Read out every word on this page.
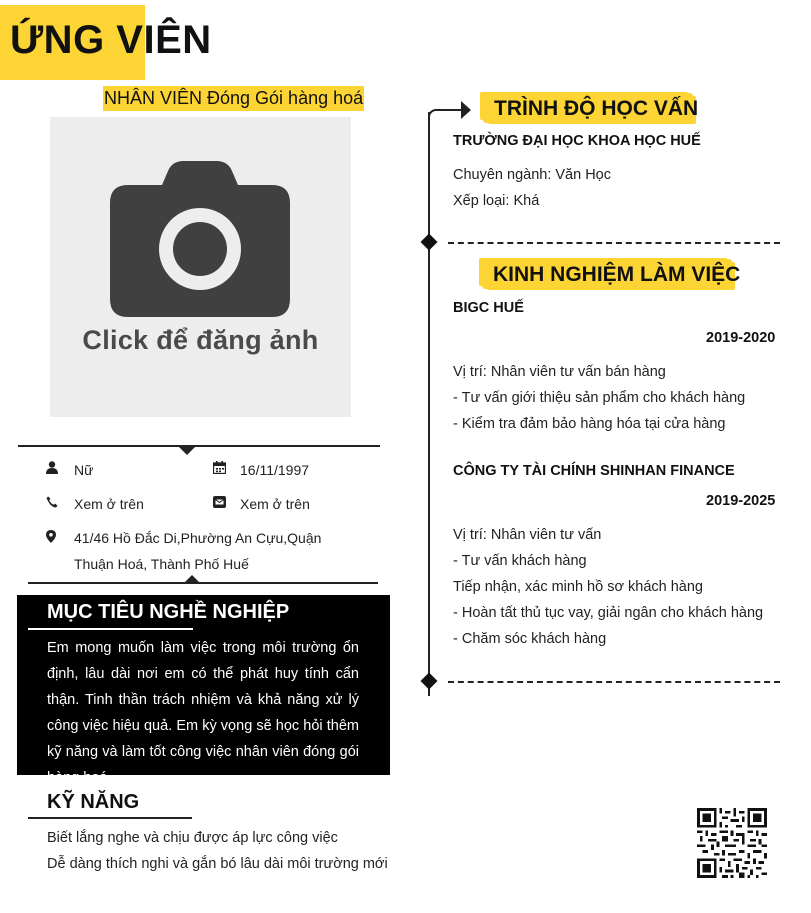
ỨNG VIÊN
NHÂN VIÊN Đóng Gói hàng hoá
Click để đăng ảnh
Nữ	16/11/1997
Xem ở trên	Xem ở trên
41/46 Hồ Đắc Di,Phường An Cựu,Quận
Thuận Hoá, Thành Phố Huế
MỤC TIÊU NGHỀ NGHIỆP
Em mong muốn làm việc trong môi trường ổn định, lâu dài nơi em có thể phát huy tính cẩn thận. Tinh thần trách nhiệm và khả năng xử lý công việc hiệu quả. Em kỳ vọng sẽ học hỏi thêm kỹ năng và làm tốt công việc nhân viên đóng gói hàng hoá.
KỸ NĂNG
Biết lắng nghe và chịu được áp lực công việc
Dễ dàng thích nghi và gắn bó lâu dài môi trường mới
TRÌNH ĐỘ HỌC VẤN
TRƯỜNG ĐẠI HỌC KHOA HỌC HUẾ
Chuyên ngành: Văn Học
Xếp loại: Khá
KINH NGHIỆM LÀM VIỆC
BIGC HUẾ
2019-2020
Vị trí: Nhân viên tư vấn bán hàng
- Tư vấn giới thiệu sản phẩm cho khách hàng
- Kiểm tra đảm bảo hàng hóa tại cửa hàng
CÔNG TY TÀI CHÍNH SHINHAN FINANCE
2019-2025
Vị trí: Nhân viên tư vấn
- Tư vấn khách hàng
Tiếp nhận, xác minh hồ sơ khách hàng
- Hoàn tất thủ tục vay, giải ngân cho khách hàng
- Chăm sóc khách hàng
